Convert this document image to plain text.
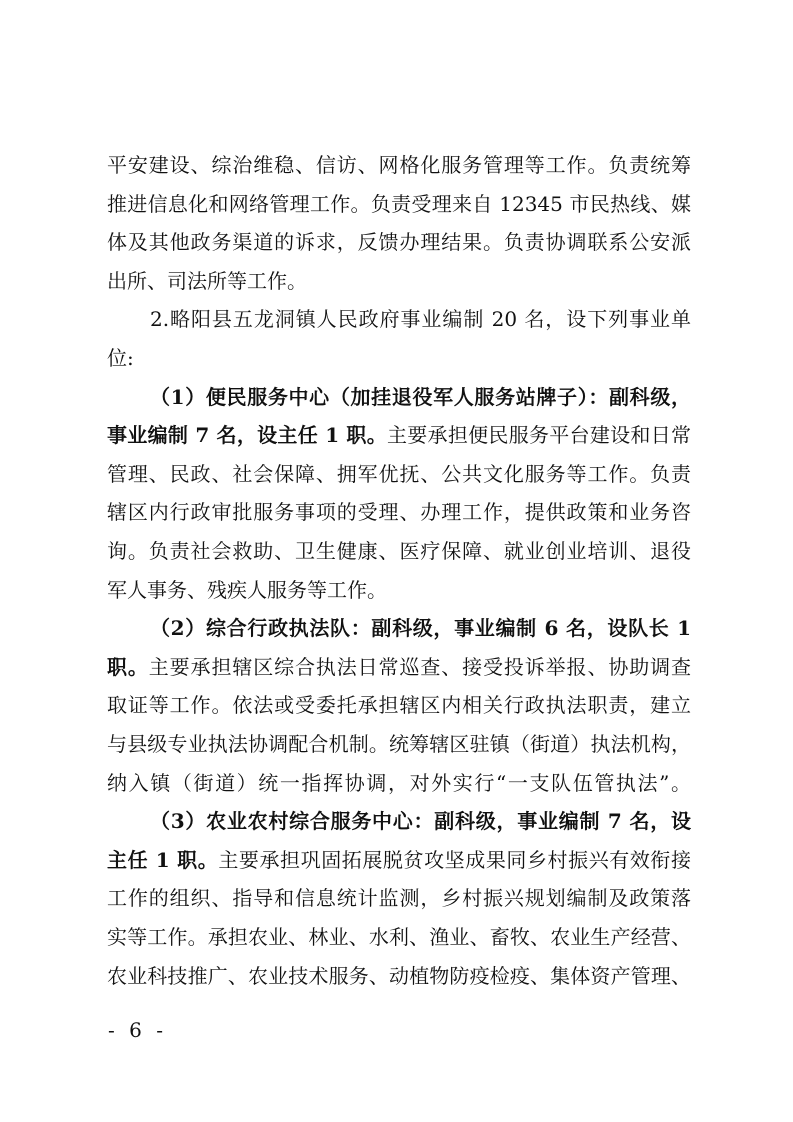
平安建设、综治维稳、信访、网格化服务管理等工作。负责统筹
推进信息化和网络管理工作。负责受理来自 12345 市民热线、媒
体及其他政务渠道的诉求，反馈办理结果。负责协调联系公安派
出所、司法所等工作。
2.略阳县五龙洞镇人民政府事业编制 20 名，设下列事业单
位:
（1）便民服务中心（加挂退役军人服务站牌子）：副科级，
事业编制 7 名，设主任 1 职。主要承担便民服务平台建设和日常
管理、民政、社会保障、拥军优抚、公共文化服务等工作。负责
辖区内行政审批服务事项的受理、办理工作，提供政策和业务咨
询。负责社会救助、卫生健康、医疗保障、就业创业培训、退役
军人事务、残疾人服务等工作。
（2）综合行政执法队：副科级，事业编制 6 名，设队长 1
职。主要承担辖区综合执法日常巡查、接受投诉举报、协助调查
取证等工作。依法或受委托承担辖区内相关行政执法职责，建立
与县级专业执法协调配合机制。统筹辖区驻镇（街道）执法机构，
纳入镇（街道）统一指挥协调，对外实行“一支队伍管执法”。
（3）农业农村综合服务中心：副科级，事业编制 7 名，设
主任 1 职。主要承担巩固拓展脱贫攻坚成果同乡村振兴有效衔接
工作的组织、指导和信息统计监测，乡村振兴规划编制及政策落
实等工作。承担农业、林业、水利、渔业、畜牧、农业生产经营、
农业科技推广、农业技术服务、动植物防疫检疫、集体资产管理、
- 6 -
